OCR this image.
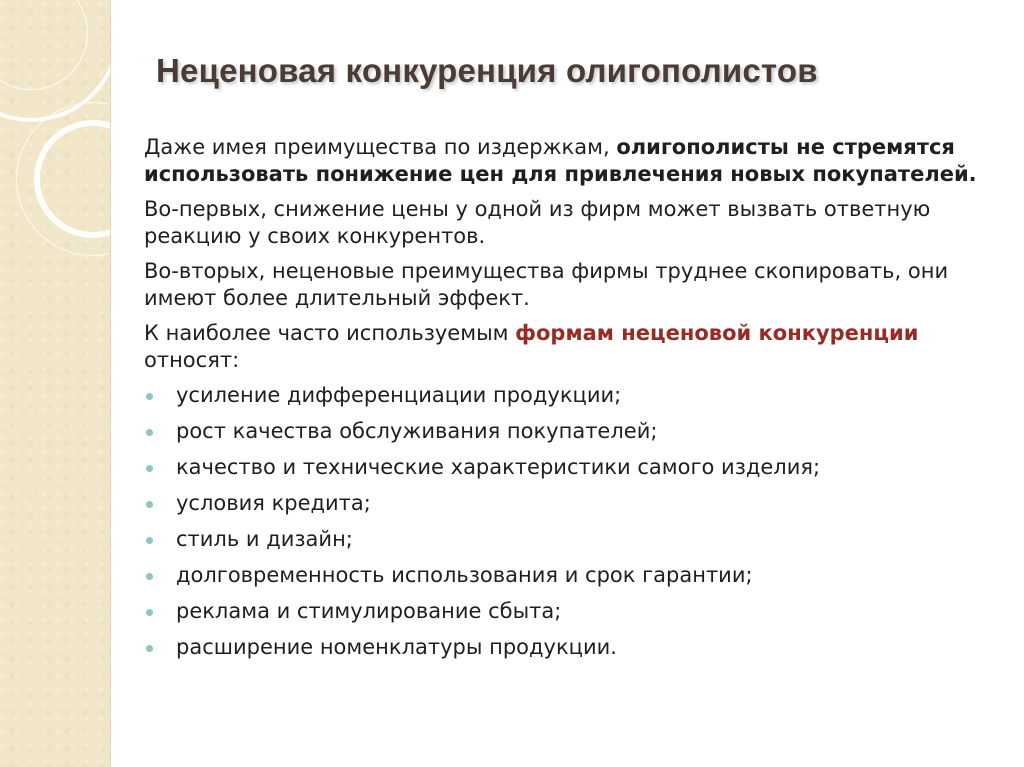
Неценовая конкуренция олигополистов

Даже имея преимущества по издержкам, олигополисты не стремятся использовать понижение цен для привлечения новых покупателей.

Во-первых, снижение цены у одной из фирм может вызвать ответную реакцию у своих конкурентов.

Во-вторых, неценовые преимущества фирмы труднее скопировать, они имеют более длительный эффект.

К наиболее часто используемым формам неценовой конкуренции относят:

усиление дифференциации продукции;
рост качества обслуживания покупателей;
качество и технические характеристики самого изделия;
условия кредита;
стиль и дизайн;
долговременность использования и срок гарантии;
реклама и стимулирование сбыта;
расширение номенклатуры продукции.
